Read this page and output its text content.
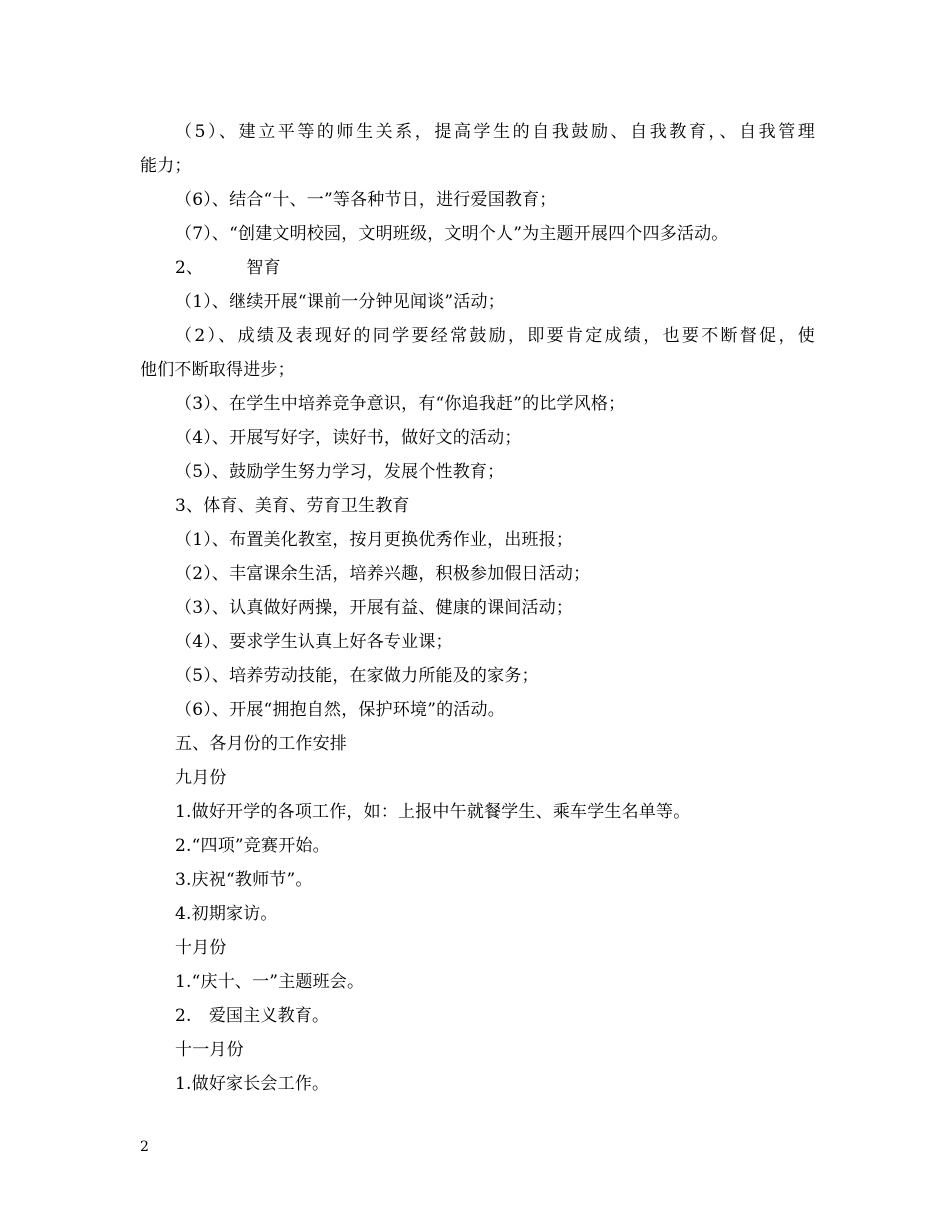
（5）、建立平等的师生关系，提高学生的自我鼓励、自我教育，、自我管理
能力；
（6）、结合“十、一”等各种节日，进行爱国教育；
（7）、“创建文明校园，文明班级，文明个人”为主题开展四个四多活动。
2、　　　智育
（1）、继续开展“课前一分钟见闻谈”活动；
（2）、成绩及表现好的同学要经常鼓励，即要肯定成绩，也要不断督促，使
他们不断取得进步；
（3）、在学生中培养竞争意识，有“你追我赶”的比学风格；
（4）、开展写好字，读好书，做好文的活动；
（5）、鼓励学生努力学习，发展个性教育；
3、体育、美育、劳育卫生教育
（1）、布置美化教室，按月更换优秀作业，出班报；
（2）、丰富课余生活，培养兴趣，积极参加假日活动；
（3）、认真做好两操，开展有益、健康的课间活动；
（4）、要求学生认真上好各专业课；
（5）、培养劳动技能，在家做力所能及的家务；
（6）、开展“拥抱自然，保护环境”的活动。
五、各月份的工作安排
九月份
1.做好开学的各项工作，如：上报中午就餐学生、乘车学生名单等。
2.“四项”竞赛开始。
3.庆祝“教师节”。
4.初期家访。
十月份
1.“庆十、一”主题班会。
2.　爱国主义教育。
十一月份
1.做好家长会工作。
2
